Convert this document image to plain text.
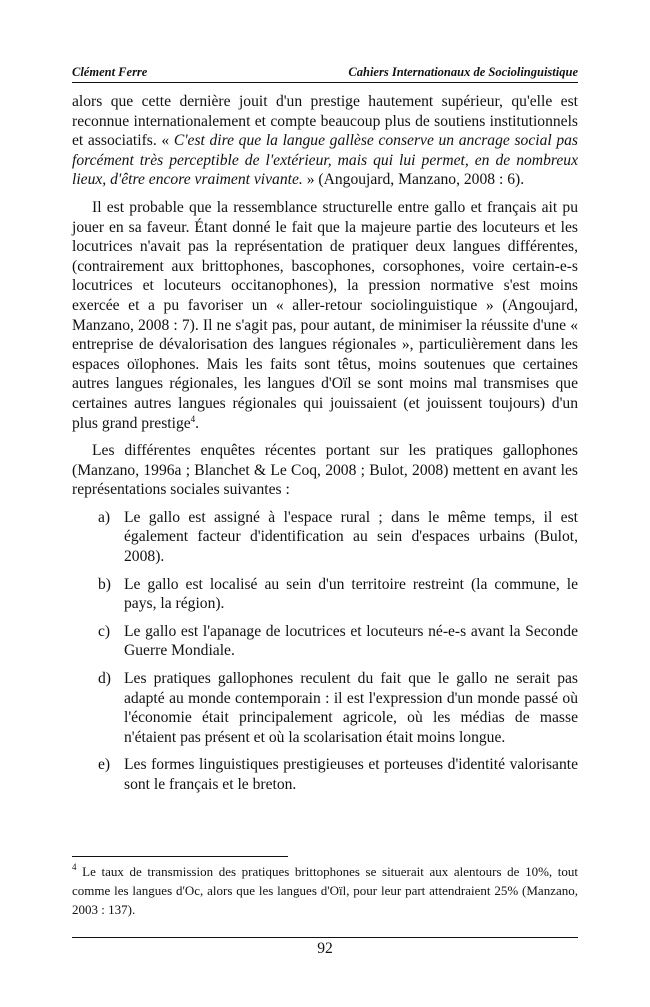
Clément Ferre	Cahiers Internationaux de Sociolinguistique

alors que cette dernière jouit d'un prestige hautement supérieur, qu'elle est reconnue internationalement et compte beaucoup plus de soutiens institutionnels et associatifs. « C'est dire que la langue gallèse conserve un ancrage social pas forcément très perceptible de l'extérieur, mais qui lui permet, en de nombreux lieux, d'être encore vraiment vivante. » (Angoujard, Manzano, 2008 : 6).

Il est probable que la ressemblance structurelle entre gallo et français ait pu jouer en sa faveur. Étant donné le fait que la majeure partie des locuteurs et les locutrices n'avait pas la représentation de pratiquer deux langues différentes, (contrairement aux brittophones, bascophones, corsophones, voire certain-e-s locutrices et locuteurs occitanophones), la pression normative s'est moins exercée et a pu favoriser un « aller-retour sociolinguistique » (Angoujard, Manzano, 2008 : 7). Il ne s'agit pas, pour autant, de minimiser la réussite d'une « entreprise de dévalorisation des langues régionales », particulièrement dans les espaces oïlophones. Mais les faits sont têtus, moins soutenues que certaines autres langues régionales, les langues d'Oïl se sont moins mal transmises que certaines autres langues régionales qui jouissaient (et jouissent toujours) d'un plus grand prestige$^4$.

Les différentes enquêtes récentes portant sur les pratiques gallophones (Manzano, 1996a ; Blanchet & Le Coq, 2008 ; Bulot, 2008) mettent en avant les représentations sociales suivantes :

a) Le gallo est assigné à l'espace rural ; dans le même temps, il est également facteur d'identification au sein d'espaces urbains (Bulot, 2008).
b) Le gallo est localisé au sein d'un territoire restreint (la commune, le pays, la région).
c) Le gallo est l'apanage de locutrices et locuteurs né-e-s avant la Seconde Guerre Mondiale.
d) Les pratiques gallophones reculent du fait que le gallo ne serait pas adapté au monde contemporain : il est l'expression d'un monde passé où l'économie était principalement agricole, où les médias de masse n'étaient pas présent et où la scolarisation était moins longue.
e) Les formes linguistiques prestigieuses et porteuses d'identité valorisante sont le français et le breton.
$^4$ Le taux de transmission des pratiques brittophones se situerait aux alentours de 10%, tout comme les langues d'Oc, alors que les langues d'Oïl, pour leur part attendraient 25% (Manzano, 2003 : 137).
92
